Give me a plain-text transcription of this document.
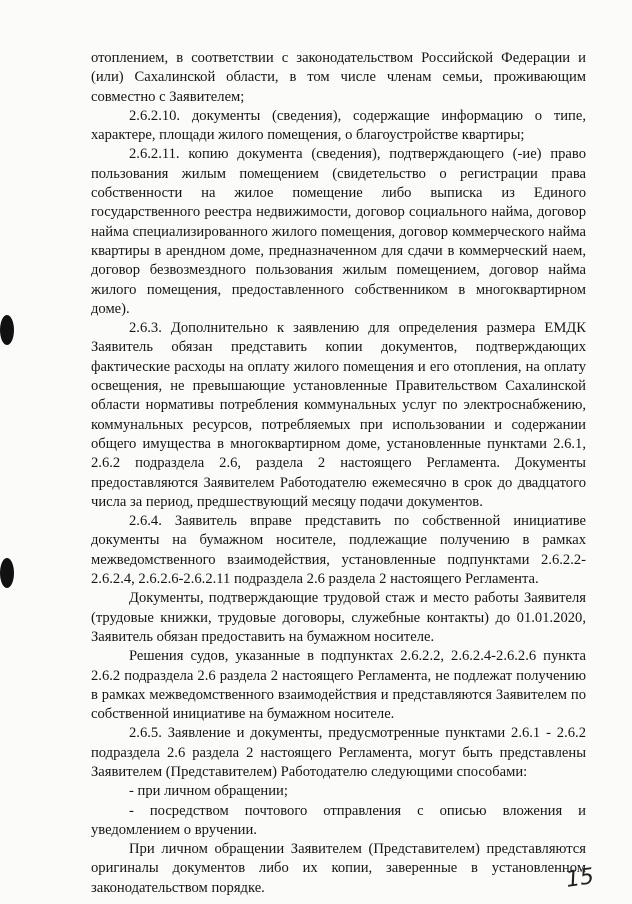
отоплением, в соответствии с законодательством Российской Федерации и (или) Сахалинской области, в том числе членам семьи, проживающим совместно с Заявителем;

2.6.2.10. документы (сведения), содержащие информацию о типе, характере, площади жилого помещения, о благоустройстве квартиры;

2.6.2.11. копию документа (сведения), подтверждающего (-ие) право пользования жилым помещением (свидетельство о регистрации права собственности на жилое помещение либо выписка из Единого государственного реестра недвижимости, договор социального найма, договор найма специализированного жилого помещения, договор коммерческого найма квартиры в арендном доме, предназначенном для сдачи в коммерческий наем, договор безвозмездного пользования жилым помещением, договор найма жилого помещения, предоставленного собственником в многоквартирном доме).

2.6.3. Дополнительно к заявлению для определения размера ЕМДК Заявитель обязан представить копии документов, подтверждающих фактические расходы на оплату жилого помещения и его отопления, на оплату освещения, не превышающие установленные Правительством Сахалинской области нормативы потребления коммунальных услуг по электроснабжению, коммунальных ресурсов, потребляемых при использовании и содержании общего имущества в многоквартирном доме, установленные пунктами 2.6.1, 2.6.2 подраздела 2.6, раздела 2 настоящего Регламента. Документы предоставляются Заявителем Работодателю ежемесячно в срок до двадцатого числа за период, предшествующий месяцу подачи документов.

2.6.4. Заявитель вправе представить по собственной инициативе документы на бумажном носителе, подлежащие получению в рамках межведомственного взаимодействия, установленные подпунктами 2.6.2.2-2.6.2.4, 2.6.2.6-2.6.2.11 подраздела 2.6 раздела 2 настоящего Регламента.

Документы, подтверждающие трудовой стаж и место работы Заявителя (трудовые книжки, трудовые договоры, служебные контакты) до 01.01.2020, Заявитель обязан предоставить на бумажном носителе.

Решения судов, указанные в подпунктах 2.6.2.2, 2.6.2.4-2.6.2.6 пункта 2.6.2 подраздела 2.6 раздела 2 настоящего Регламента, не подлежат получению в рамках межведомственного взаимодействия и представляются Заявителем по собственной инициативе на бумажном носителе.

2.6.5. Заявление и документы, предусмотренные пунктами 2.6.1 - 2.6.2 подраздела 2.6 раздела 2 настоящего Регламента, могут быть представлены Заявителем (Представителем) Работодателю следующими способами:

- при личном обращении;

- посредством почтового отправления с описью вложения и уведомлением о вручении.

При личном обращении Заявителем (Представителем) представляются оригиналы документов либо их копии, заверенные в установленном законодательством порядке.	15
